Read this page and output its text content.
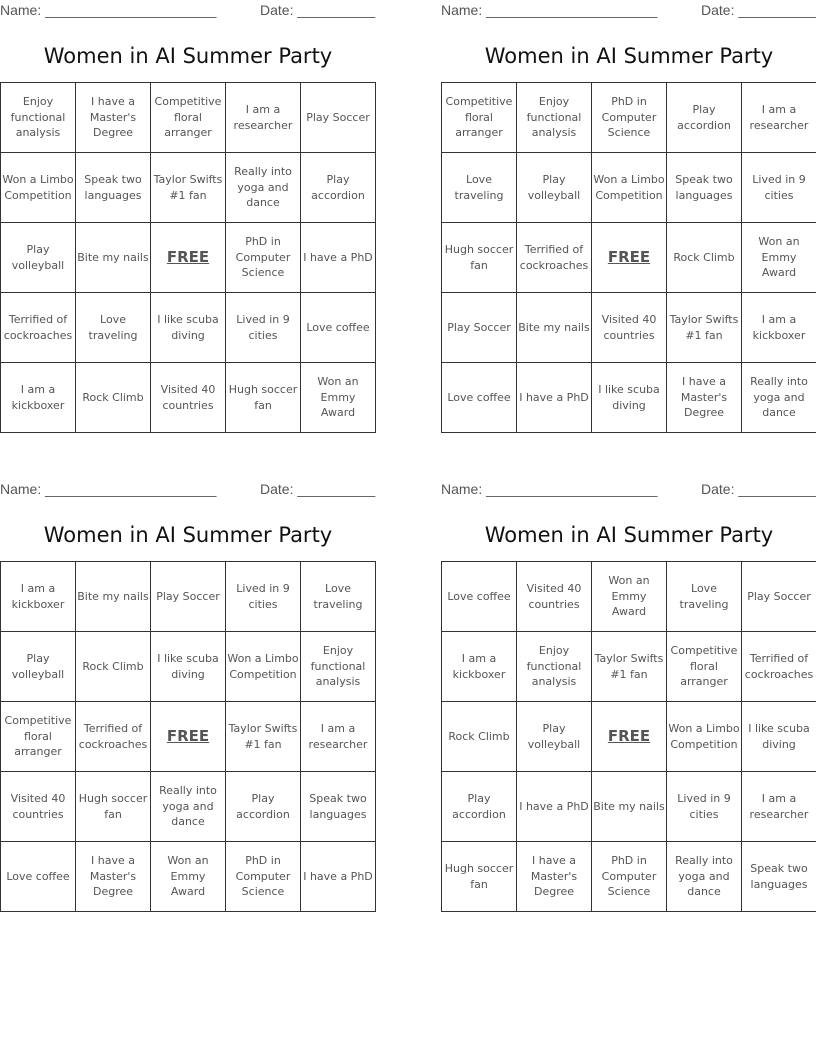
Name: ______________________	Date: __________
Women in AI Summer Party
Enjoy functional analysis	I have a Master's Degree	Competitive floral arranger	I am a researcher	Play Soccer
Won a Limbo Competition	Speak two languages	Taylor Swifts #1 fan	Really into yoga and dance	Play accordion
Play volleyball	Bite my nails	FREE	PhD in Computer Science	I have a PhD
Terrified of cockroaches	Love traveling	I like scuba diving	Lived in 9 cities	Love coffee
I am a kickboxer	Rock Climb	Visited 40 countries	Hugh soccer fan	Won an Emmy Award
Name: ______________________	Date: __________
Women in AI Summer Party
Competitive floral arranger	Enjoy functional analysis	PhD in Computer Science	Play accordion	I am a researcher
Love traveling	Play volleyball	Won a Limbo Competition	Speak two languages	Lived in 9 cities
Hugh soccer fan	Terrified of cockroaches	FREE	Rock Climb	Won an Emmy Award
Play Soccer	Bite my nails	Visited 40 countries	Taylor Swifts #1 fan	I am a kickboxer
Love coffee	I have a PhD	I like scuba diving	I have a Master's Degree	Really into yoga and dance
Name: ______________________	Date: __________
Women in AI Summer Party
I am a kickboxer	Bite my nails	Play Soccer	Lived in 9 cities	Love traveling
Play volleyball	Rock Climb	I like scuba diving	Won a Limbo Competition	Enjoy functional analysis
Competitive floral arranger	Terrified of cockroaches	FREE	Taylor Swifts #1 fan	I am a researcher
Visited 40 countries	Hugh soccer fan	Really into yoga and dance	Play accordion	Speak two languages
Love coffee	I have a Master's Degree	Won an Emmy Award	PhD in Computer Science	I have a PhD
Name: ______________________	Date: __________
Women in AI Summer Party
Love coffee	Visited 40 countries	Won an Emmy Award	Love traveling	Play Soccer
I am a kickboxer	Enjoy functional analysis	Taylor Swifts #1 fan	Competitive floral arranger	Terrified of cockroaches
Rock Climb	Play volleyball	FREE	Won a Limbo Competition	I like scuba diving
Play accordion	I have a PhD	Bite my nails	Lived in 9 cities	I am a researcher
Hugh soccer fan	I have a Master's Degree	PhD in Computer Science	Really into yoga and dance	Speak two languages
